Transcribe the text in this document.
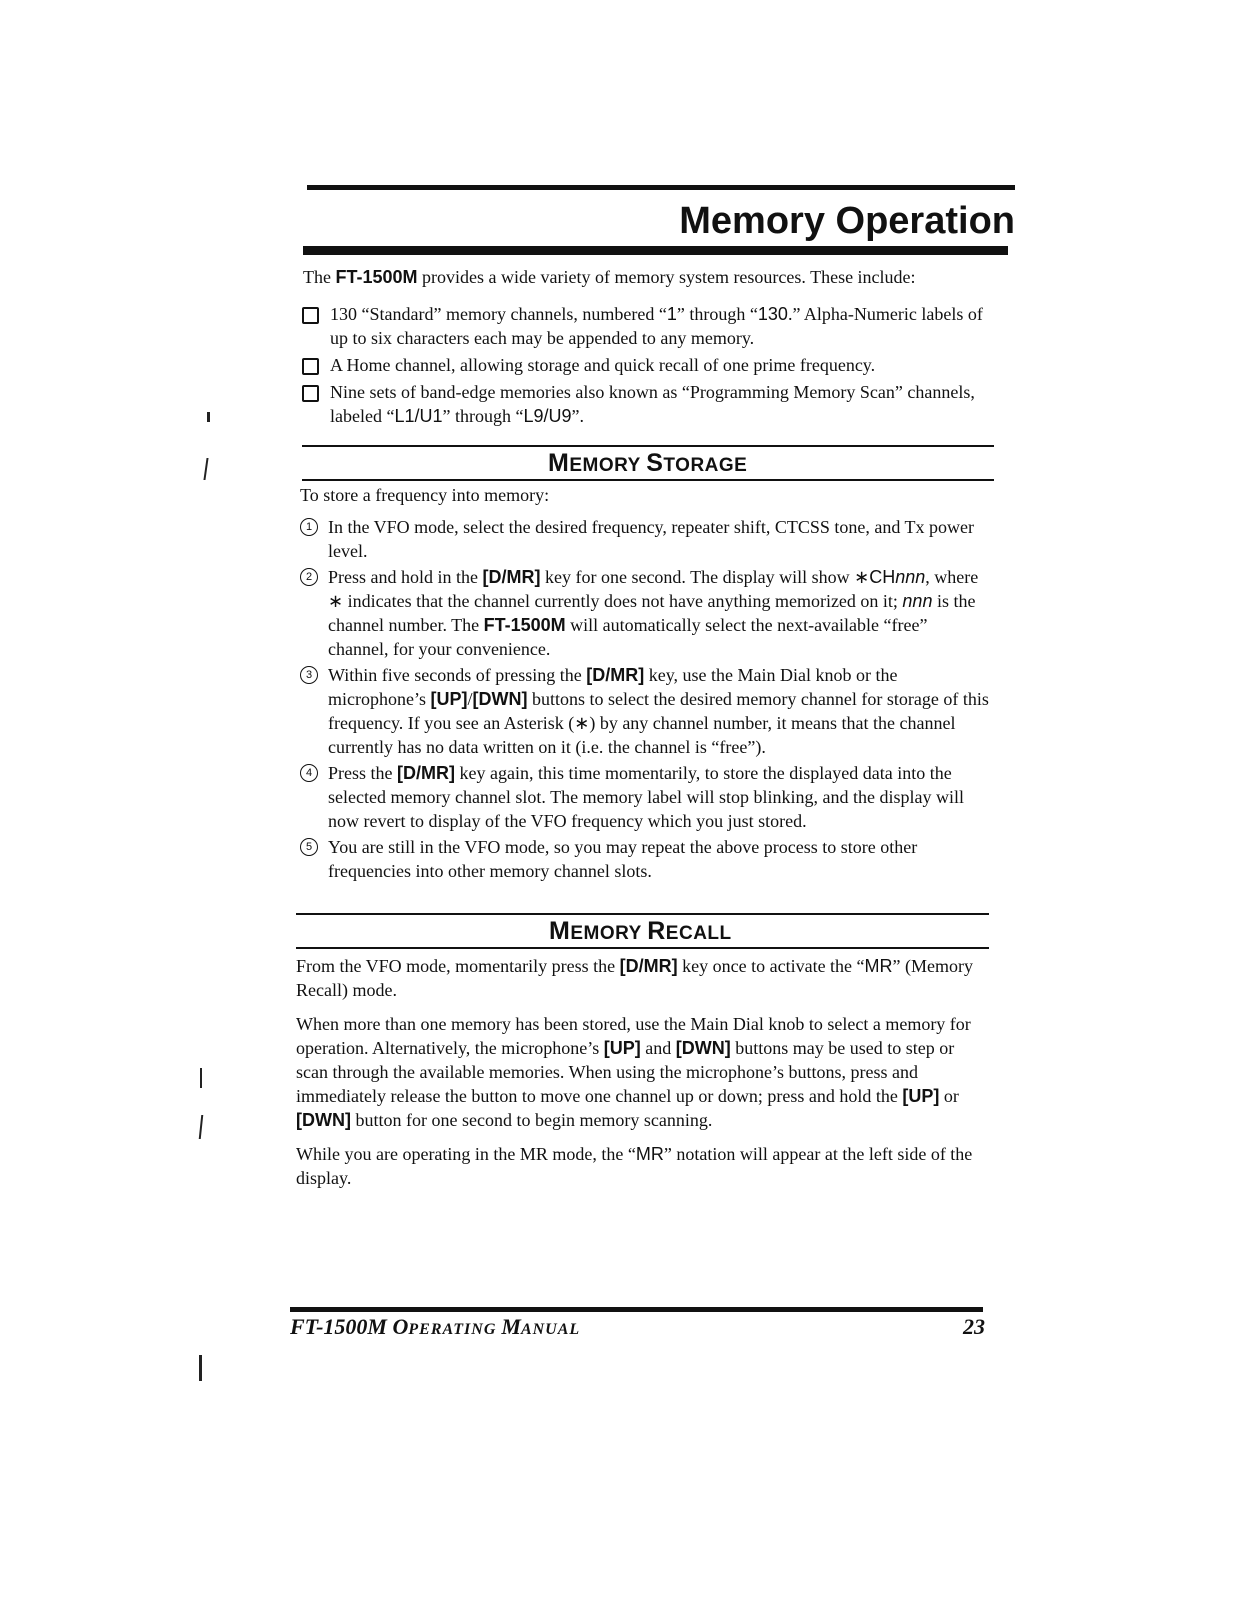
Memory Operation
The FT-1500M provides a wide variety of memory system resources. These include:
130 “Standard” memory channels, numbered “1” through “130.” Alpha-Numeric labels of up to six characters each may be appended to any memory.
A Home channel, allowing storage and quick recall of one prime frequency.
Nine sets of band-edge memories also known as “Programming Memory Scan” channels, labeled “L1/U1” through “L9/U9”.
MEMORY STORAGE

To store a frequency into memory:

1 In the VFO mode, select the desired frequency, repeater shift, CTCSS tone, and Tx power level.
2 Press and hold in the [D/MR] key for one second. The display will show ∗CHnnn, where ∗ indicates that the channel currently does not have anything memorized on it; nnn is the channel number. The FT-1500M will automatically select the next-available “free” channel, for your convenience.
3 Within five seconds of pressing the [D/MR] key, use the Main Dial knob or the microphone’s [UP]/[DWN] buttons to select the desired memory channel for storage of this frequency. If you see an Asterisk (∗) by any channel number, it means that the channel currently has no data written on it (i.e. the channel is “free”).
4 Press the [D/MR] key again, this time momentarily, to store the displayed data into the selected memory channel slot. The memory label will stop blinking, and the display will now revert to display of the VFO frequency which you just stored.
5 You are still in the VFO mode, so you may repeat the above process to store other frequencies into other memory channel slots.
MEMORY RECALL

From the VFO mode, momentarily press the [D/MR] key once to activate the “MR” (Memory Recall) mode.

When more than one memory has been stored, use the Main Dial knob to select a memory for operation. Alternatively, the microphone’s [UP] and [DWN] buttons may be used to step or scan through the available memories. When using the microphone’s buttons, press and immediately release the button to move one channel up or down; press and hold the [UP] or [DWN] button for one second to begin memory scanning.

While you are operating in the MR mode, the “MR” notation will appear at the left side of the display.

FT-1500M OPERATING MANUAL	23
